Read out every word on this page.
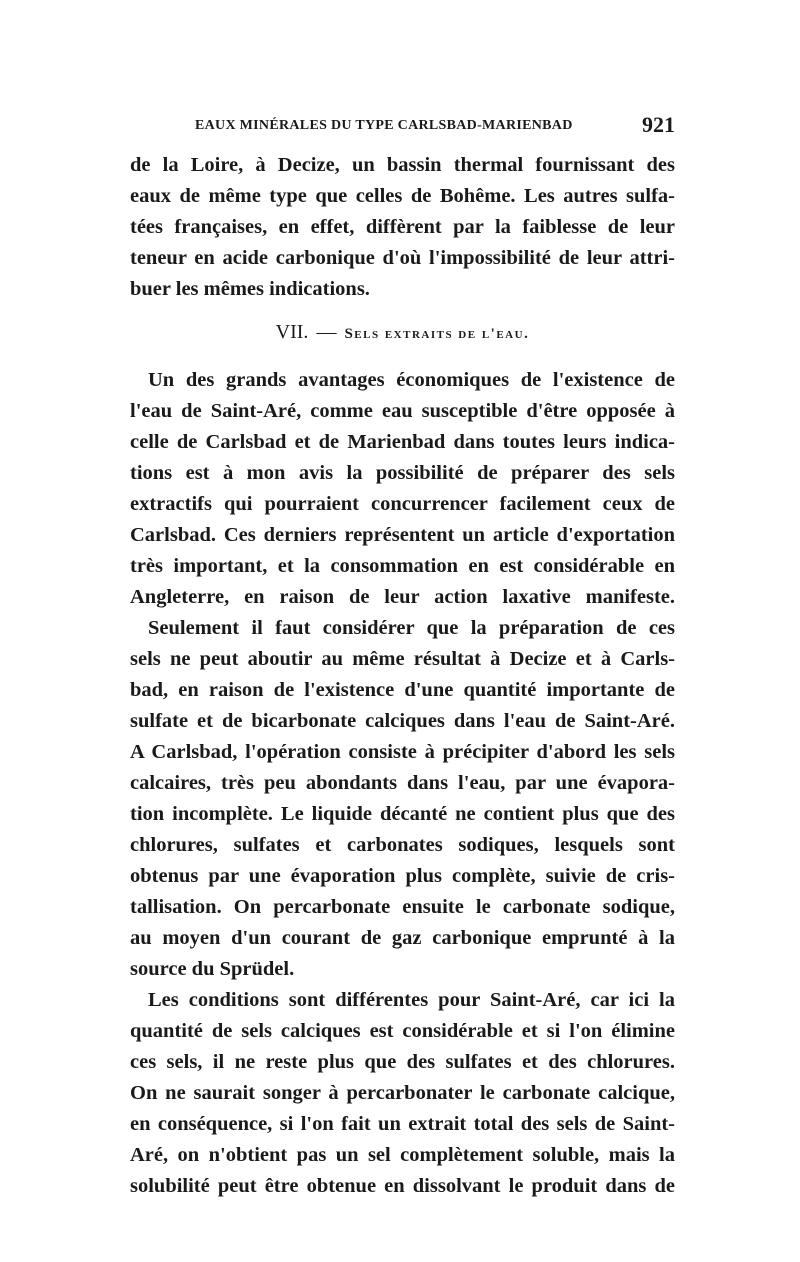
EAUX MINÉRALES DU TYPE CARLSBAD-MARIENBAD	921
de la Loire, à Decize, un bassin thermal fournissant des
eaux de même type que celles de Bohême. Les autres sulfa-
tées françaises, en effet, diffèrent par la faiblesse de leur
teneur en acide carbonique d'où l'impossibilité de leur attri-
buer les mêmes indications.
VII. — Sels extraits de l'eau.
Un des grands avantages économiques de l'existence de
l'eau de Saint-Aré, comme eau susceptible d'être opposée à
celle de Carlsbad et de Marienbad dans toutes leurs indica-
tions est à mon avis la possibilité de préparer des sels
extractifs qui pourraient concurrencer facilement ceux de
Carlsbad. Ces derniers représentent un article d'exportation
très important, et la consommation en est considérable en
Angleterre, en raison de leur action laxative manifeste.
Seulement il faut considérer que la préparation de ces
sels ne peut aboutir au même résultat à Decize et à Carls-
bad, en raison de l'existence d'une quantité importante de
sulfate et de bicarbonate calciques dans l'eau de Saint-Aré.
A Carlsbad, l'opération consiste à précipiter d'abord les sels
calcaires, très peu abondants dans l'eau, par une évapora-
tion incomplète. Le liquide décanté ne contient plus que des
chlorures, sulfates et carbonates sodiques, lesquels sont
obtenus par une évaporation plus complète, suivie de cris-
tallisation. On percarbonate ensuite le carbonate sodique,
au moyen d'un courant de gaz carbonique emprunté à la
source du Sprüdel.
Les conditions sont différentes pour Saint-Aré, car ici la
quantité de sels calciques est considérable et si l'on élimine
ces sels, il ne reste plus que des sulfates et des chlorures.
On ne saurait songer à percarbonater le carbonate calcique,
en conséquence, si l'on fait un extrait total des sels de Saint-
Aré, on n'obtient pas un sel complètement soluble, mais la
solubilité peut être obtenue en dissolvant le produit dans de
